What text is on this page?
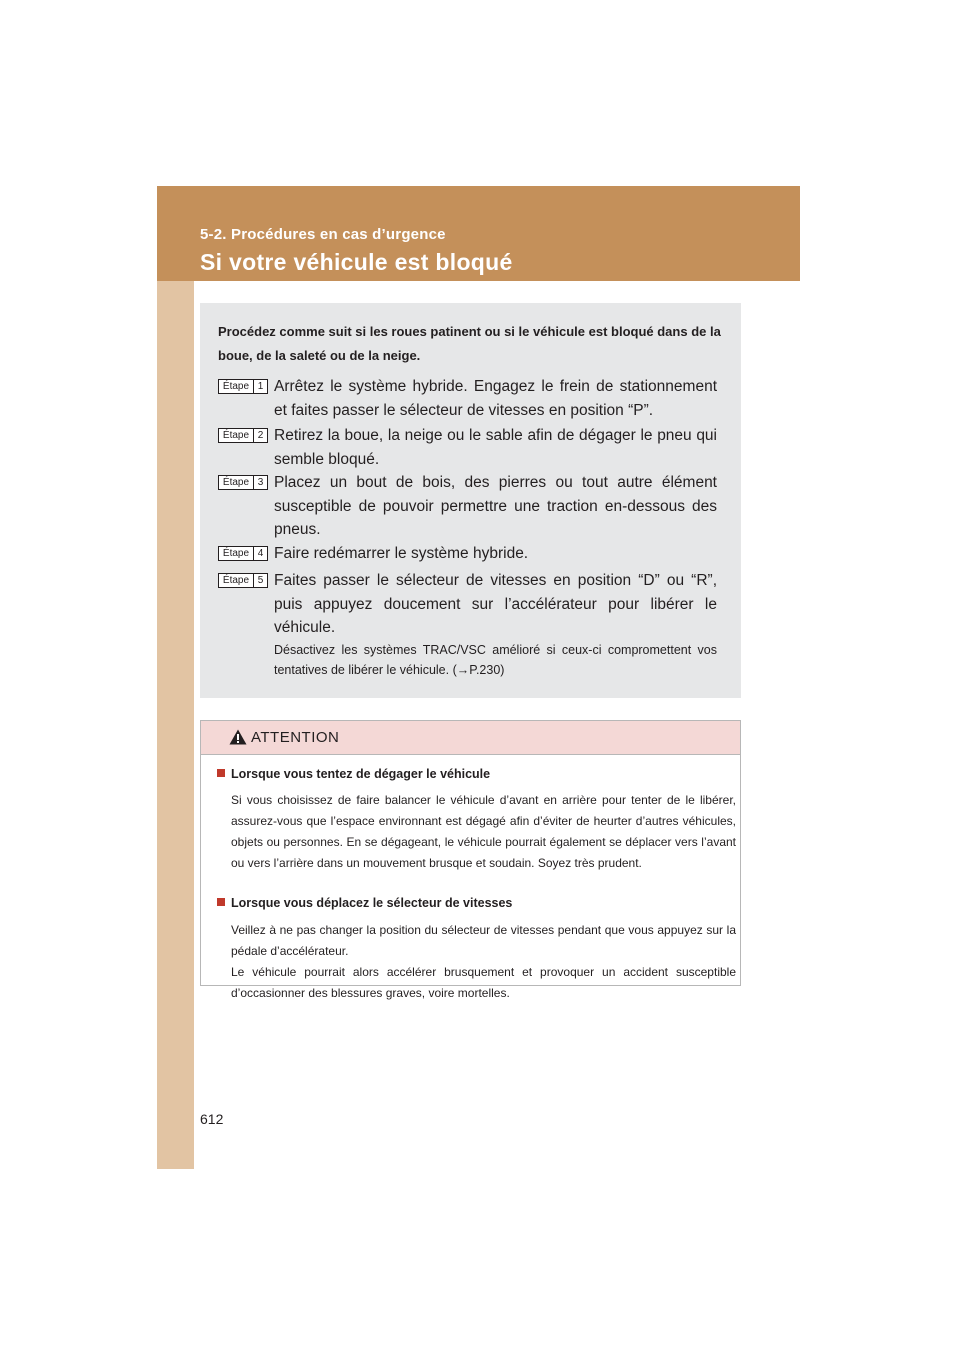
5-2. Procédures en cas d’urgence
Si votre véhicule est bloqué
Procédez comme suit si les roues patinent ou si le véhicule est bloqué dans de la boue, de la saleté ou de la neige.
Étape 1 Arrêtez le système hybride. Engagez le frein de stationnement et faites passer le sélecteur de vitesses en position “P”.
Étape 2 Retirez la boue, la neige ou le sable afin de dégager le pneu qui semble bloqué.
Étape 3 Placez un bout de bois, des pierres ou tout autre élément susceptible de pouvoir permettre une traction en-dessous des pneus.
Étape 4 Faire redémarrer le système hybride.
Étape 5 Faites passer le sélecteur de vitesses en position “D” ou “R”, puis appuyez doucement sur l’accélérateur pour libérer le véhicule.
Désactivez les systèmes TRAC/VSC amélioré si ceux-ci compromettent vos tentatives de libérer le véhicule. (→P.230)
ATTENTION
Lorsque vous tentez de dégager le véhicule
Si vous choisissez de faire balancer le véhicule d’avant en arrière pour tenter de le libérer, assurez-vous que l’espace environnant est dégagé afin d’éviter de heurter d’autres véhicules, objets ou personnes. En se dégageant, le véhicule pourrait également se déplacer vers l’avant ou vers l’arrière dans un mouvement brusque et soudain. Soyez très prudent.
Lorsque vous déplacez le sélecteur de vitesses
Veillez à ne pas changer la position du sélecteur de vitesses pendant que vous appuyez sur la pédale d’accélérateur.
Le véhicule pourrait alors accélérer brusquement et provoquer un accident susceptible d’occasionner des blessures graves, voire mortelles.
612
